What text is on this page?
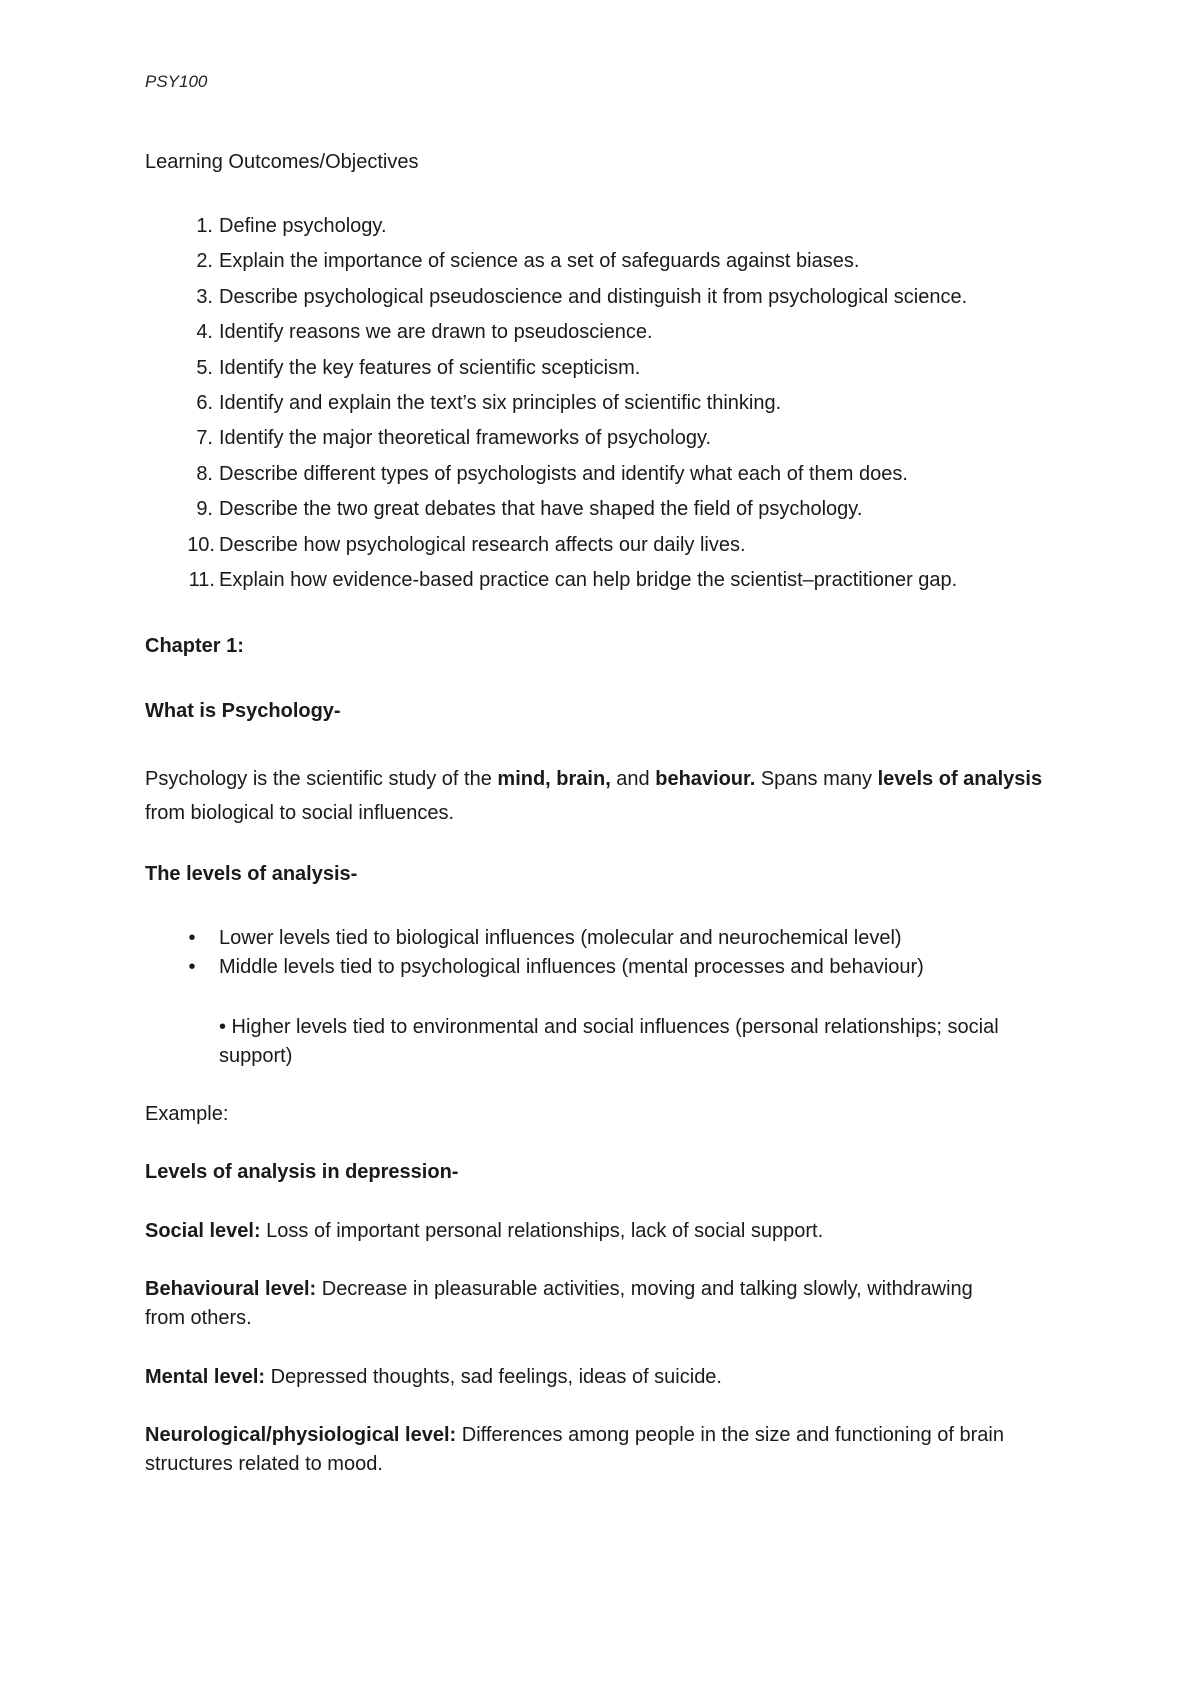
PSY100
Learning Outcomes/Objectives
1. Define psychology.
2. Explain the importance of science as a set of safeguards against biases.
3. Describe psychological pseudoscience and distinguish it from psychological science.
4. Identify reasons we are drawn to pseudoscience.
5. Identify the key features of scientific scepticism.
6. Identify and explain the text’s six principles of scientific thinking.
7. Identify the major theoretical frameworks of psychology.
8. Describe different types of psychologists and identify what each of them does.
9. Describe the two great debates that have shaped the field of psychology.
10. Describe how psychological research affects our daily lives.
11. Explain how evidence-based practice can help bridge the scientist–practitioner gap.
Chapter 1:
What is Psychology-
Psychology is the scientific study of the mind, brain, and behaviour. Spans many levels of analysis from biological to social influences.
The levels of analysis-
• Lower levels tied to biological influences (molecular and neurochemical level)
• Middle levels tied to psychological influences (mental processes and behaviour)
• Higher levels tied to environmental and social influences (personal relationships; social support)
Example:
Levels of analysis in depression-
Social level: Loss of important personal relationships, lack of social support.
Behavioural level: Decrease in pleasurable activities, moving and talking slowly, withdrawing from others.
Mental level: Depressed thoughts, sad feelings, ideas of suicide.
Neurological/physiological level: Differences among people in the size and functioning of brain structures related to mood.
